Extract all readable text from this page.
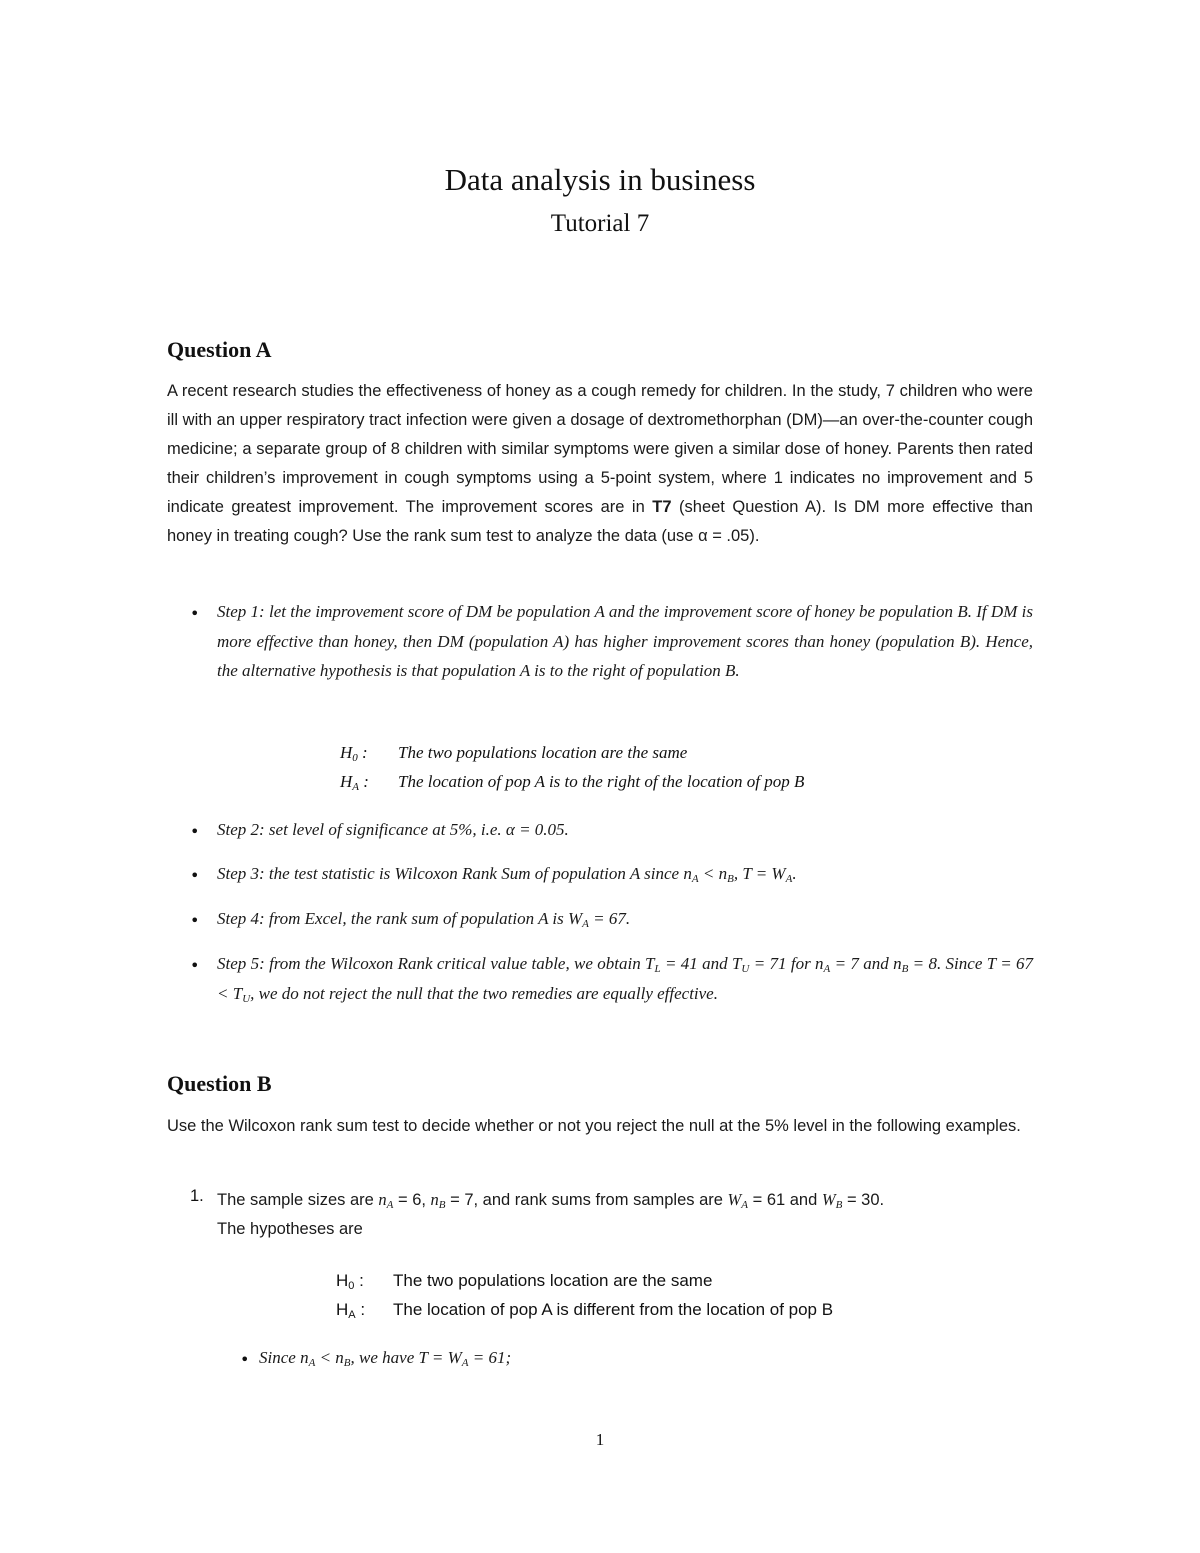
Data analysis in business
Tutorial 7
Question A
A recent research studies the effectiveness of honey as a cough remedy for children. In the study, 7 children who were ill with an upper respiratory tract infection were given a dosage of dextromethorphan (DM)—an over-the-counter cough medicine; a separate group of 8 children with similar symptoms were given a similar dose of honey. Parents then rated their children’s improvement in cough symptoms using a 5-point system, where 1 indicates no improvement and 5 indicate greatest improvement. The improvement scores are in T7 (sheet Question A). Is DM more effective than honey in treating cough? Use the rank sum test to analyze the data (use α = .05).
• Step 1: let the improvement score of DM be population A and the improvement score of honey be population B. If DM is more effective than honey, then DM (population A) has higher improvement scores than honey (population B). Hence, the alternative hypothesis is that population A is to the right of population B.
$H_0$ : The two populations location are the same
$H_A$ : The location of pop A is to the right of the location of pop B
• Step 2: set level of significance at 5%, i.e. α = 0.05.
• Step 3: the test statistic is Wilcoxon Rank Sum of population A since $n_A < n_B$, $T = W_A$.
• Step 4: from Excel, the rank sum of population A is $W_A = 67$.
• Step 5: from the Wilcoxon Rank critical value table, we obtain $T_L = 41$ and $T_U = 71$ for $n_A = 7$ and $n_B = 8$. Since $T = 67 < T_U$, we do not reject the null that the two remedies are equally effective.
Question B
Use the Wilcoxon rank sum test to decide whether or not you reject the null at the 5% level in the following examples.
1. The sample sizes are $n_A = 6$, $n_B = 7$, and rank sums from samples are $W_A = 61$ and $W_B = 30$.
The hypotheses are
$H_0$ : The two populations location are the same
$H_A$ : The location of pop A is different from the location of pop B
• Since $n_A < n_B$, we have $T = W_A = 61$;
1
